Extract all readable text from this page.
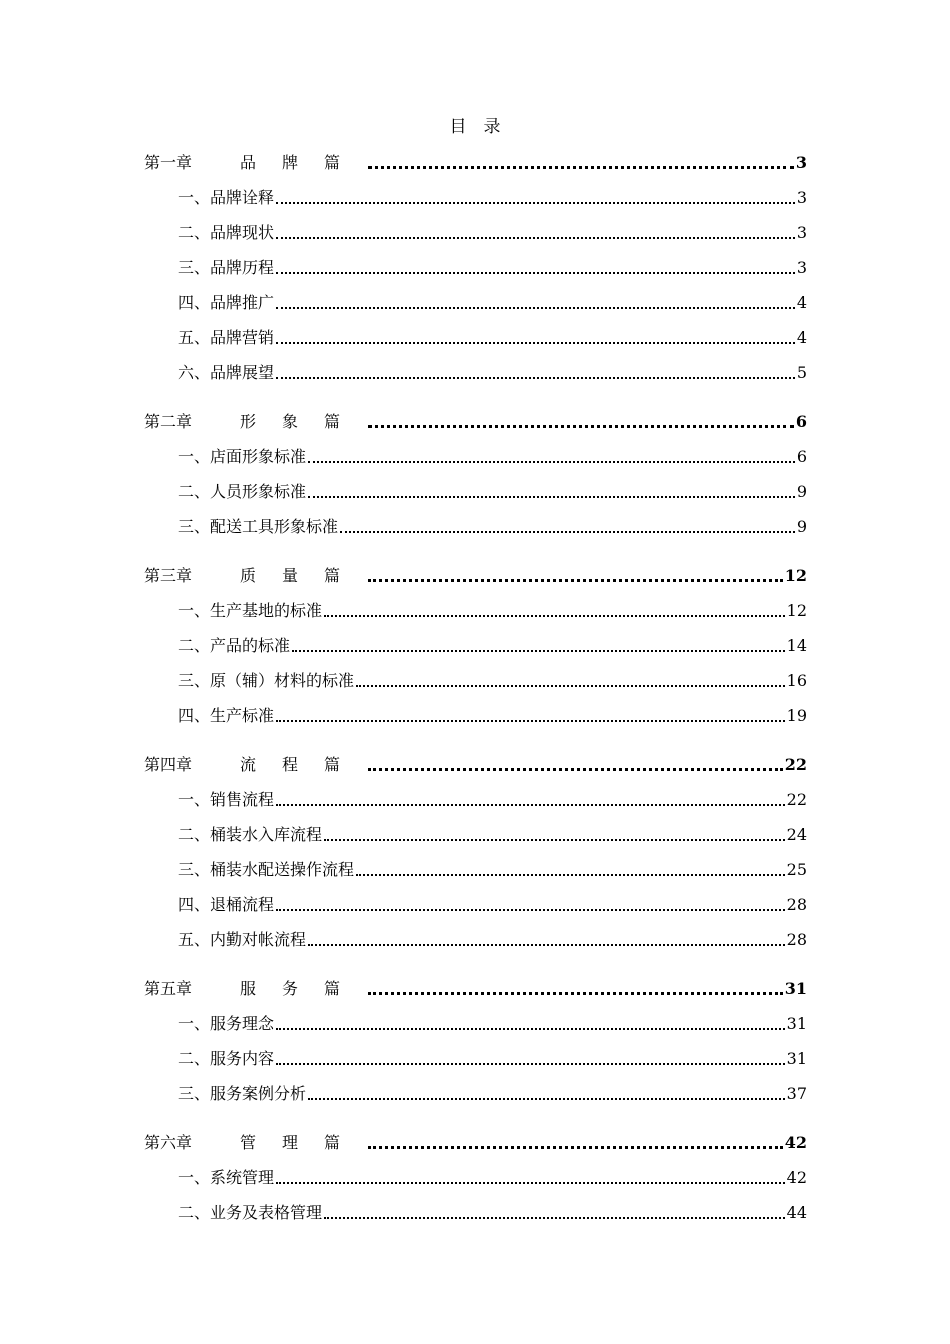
目　录
第一章	品牌篇	3
一、品牌诠释	3
二、品牌现状	3
三、品牌历程	3
四、品牌推广	4
五、品牌营销	4
六、品牌展望	5
第二章	形象篇	6
一、店面形象标准	6
二、人员形象标准	9
三、配送工具形象标准	9
第三章	质量篇	12
一、生产基地的标准	12
二、产品的标准	14
三、原（辅）材料的标准	16
四、生产标准	19
第四章	流程篇	22
一、销售流程	22
二、桶装水入库流程	24
三、桶装水配送操作流程	25
四、退桶流程	28
五、内勤对帐流程	28
第五章	服务篇	31
一、服务理念	31
二、服务内容	31
三、服务案例分析	37
第六章	管理篇	42
一、系统管理	42
二、业务及表格管理	44
